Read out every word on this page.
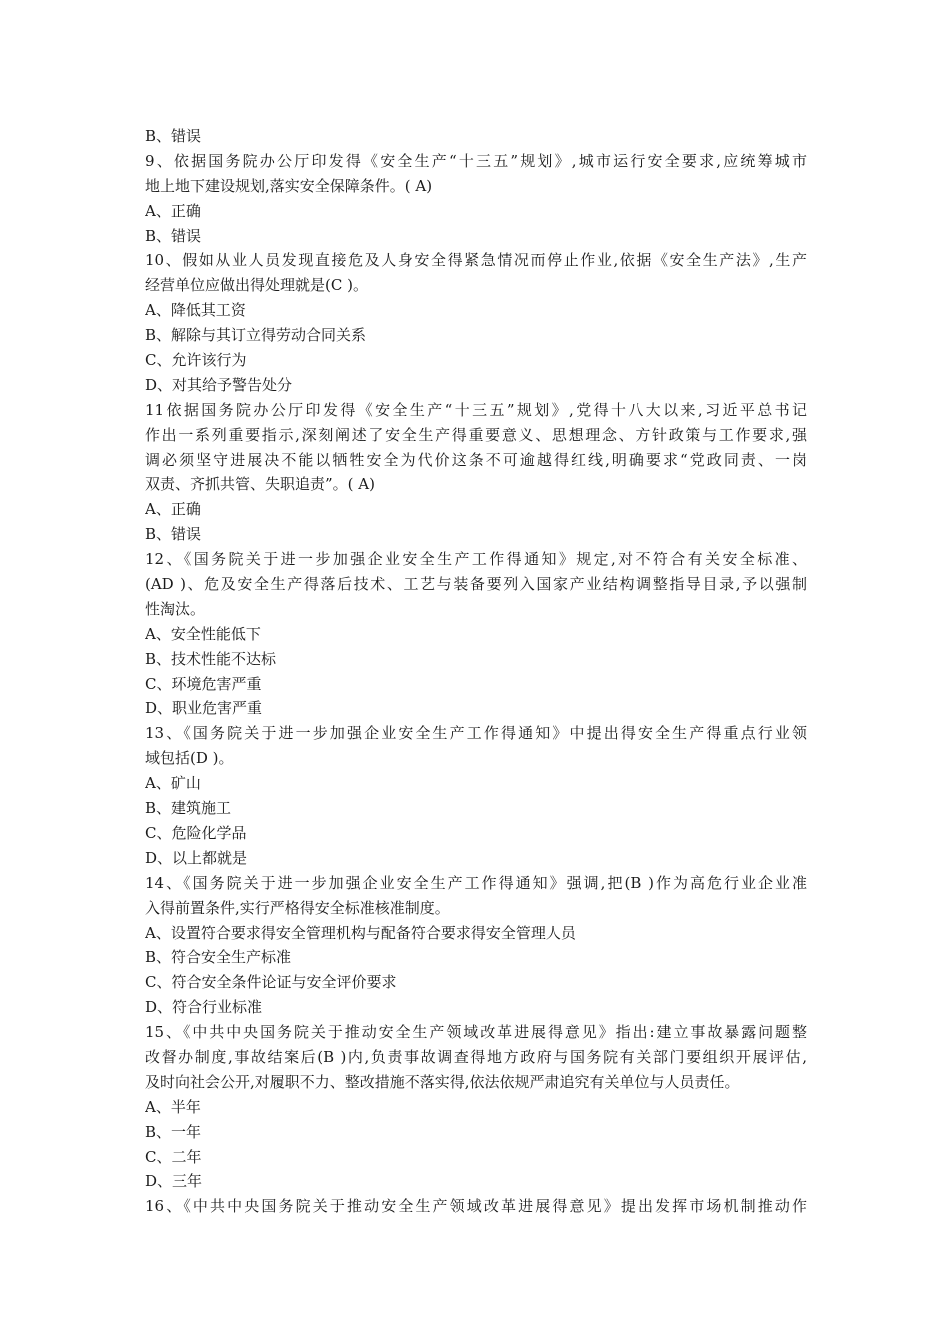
B、错误
9、依据国务院办公厅印发得《安全生产“十三五”规划》,城市运行安全要求,应统筹城市
地上地下建设规划,落实安全保障条件。( A)
A、正确
B、错误
10、假如从业人员发现直接危及人身安全得紧急情况而停止作业,依据《安全生产法》,生产
经营单位应做出得处理就是(C )。
A、降低其工资
B、解除与其订立得劳动合同关系
C、允许该行为
D、对其给予警告处分
11依据国务院办公厅印发得《安全生产“十三五”规划》,党得十八大以来,习近平总书记
作出一系列重要指示,深刻阐述了安全生产得重要意义、思想理念、方针政策与工作要求,强
调必须坚守进展决不能以牺牲安全为代价这条不可逾越得红线,明确要求“党政同责、一岗
双责、齐抓共管、失职追责”。( A)
A、正确
B、错误
12、《国务院关于进一步加强企业安全生产工作得通知》规定,对不符合有关安全标准、
(AD )、危及安全生产得落后技术、工艺与装备要列入国家产业结构调整指导目录,予以强制
性淘汰。
A、安全性能低下
B、技术性能不达标
C、环境危害严重
D、职业危害严重
13、《国务院关于进一步加强企业安全生产工作得通知》中提出得安全生产得重点行业领
域包括(D )。
A、矿山
B、建筑施工
C、危险化学品
D、以上都就是
14、《国务院关于进一步加强企业安全生产工作得通知》强调,把(B )作为高危行业企业准
入得前置条件,实行严格得安全标准核准制度。
A、设置符合要求得安全管理机构与配备符合要求得安全管理人员
B、符合安全生产标准
C、符合安全条件论证与安全评价要求
D、符合行业标准
15、《中共中央国务院关于推动安全生产领域改革进展得意见》指出:建立事故暴露问题整
改督办制度,事故结案后(B )内,负责事故调查得地方政府与国务院有关部门要组织开展评估,
及时向社会公开,对履职不力、整改措施不落实得,依法依规严肃追究有关单位与人员责任。
A、半年
B、一年
C、二年
D、三年
16、《中共中央国务院关于推动安全生产领域改革进展得意见》提出发挥市场机制推动作
